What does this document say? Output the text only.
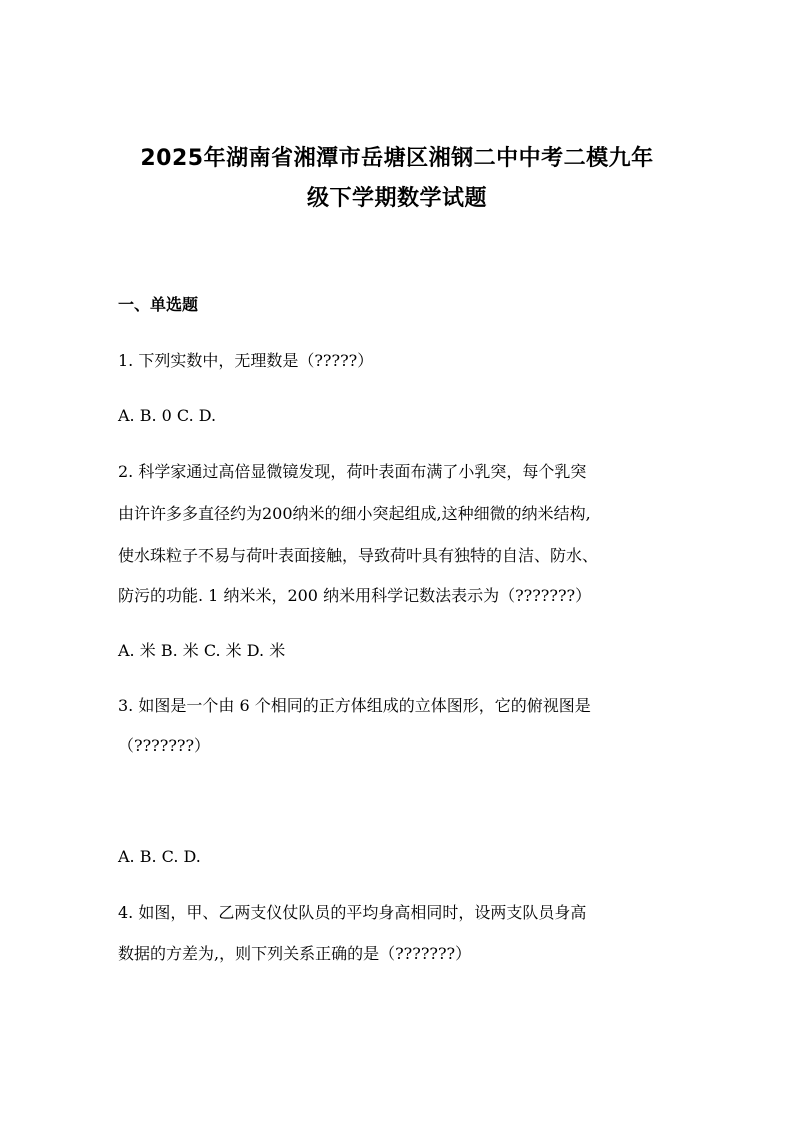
2025年湖南省湘潭市岳塘区湘钢二中中考二模九年
级下学期数学试题
一、单选题
1. 下列实数中，无理数是（?????）
A. B. 0 C. D.
2. 科学家通过高倍显微镜发现，荷叶表面布满了小乳突，每个乳突
由许许多多直径约为200纳米的细小突起组成,这种细微的纳米结构,
使水珠粒子不易与荷叶表面接触，导致荷叶具有独特的自洁、防水、
防污的功能. 1 纳米米，200 纳米用科学记数法表示为（???????）
A. 米 B. 米 C. 米 D. 米
3. 如图是一个由 6 个相同的正方体组成的立体图形，它的俯视图是
（???????）
A. B. C. D.
4. 如图，甲、乙两支仪仗队员的平均身高相同时，设两支队员身高
数据的方差为,，则下列关系正确的是（???????）
